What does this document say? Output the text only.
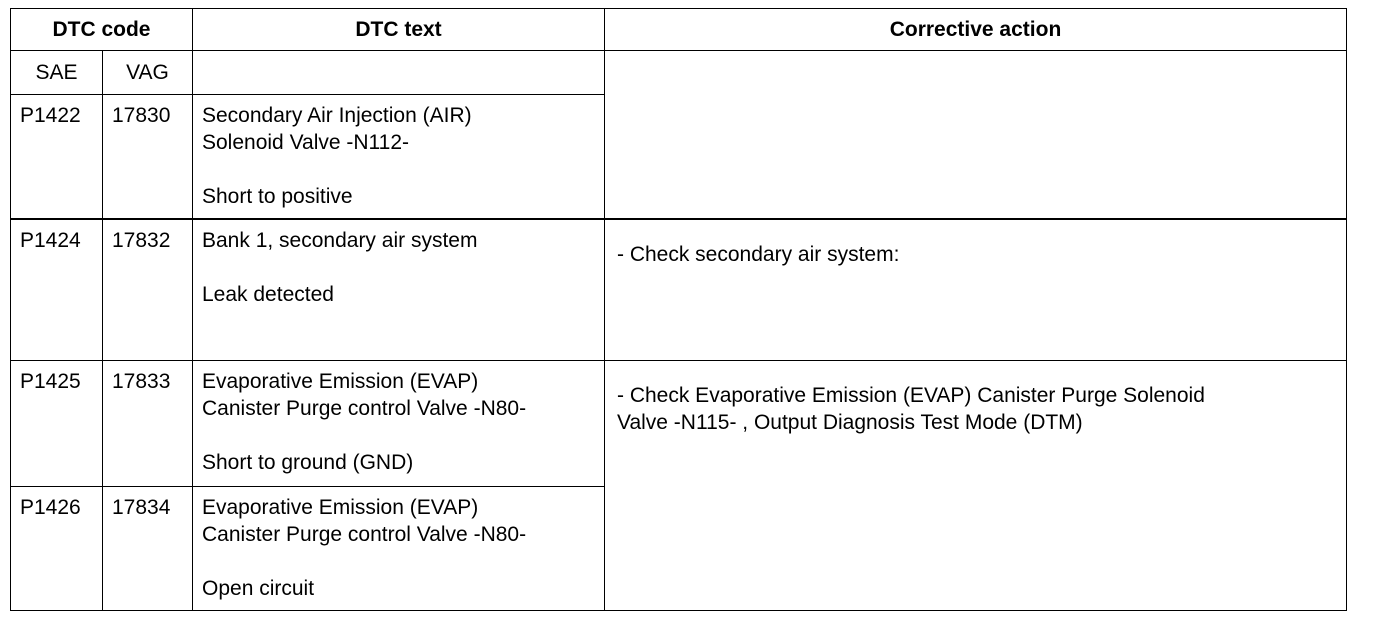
DTC code		DTC text	Corrective action
SAE	VAG		
P1422	17830	Secondary Air Injection (AIR)
Solenoid Valve -N112-
Short to positive	

P1424	17832	Bank 1, secondary air system
Leak detected	- Check secondary air system:

P1425	17833	Evaporative Emission (EVAP)
Canister Purge control Valve -N80-
Short to ground (GND)	- Check Evaporative Emission (EVAP) Canister Purge Solenoid
Valve -N115- , Output Diagnosis Test Mode (DTM)

P1426	17834	Evaporative Emission (EVAP)
Canister Purge control Valve -N80-
Open circuit	
